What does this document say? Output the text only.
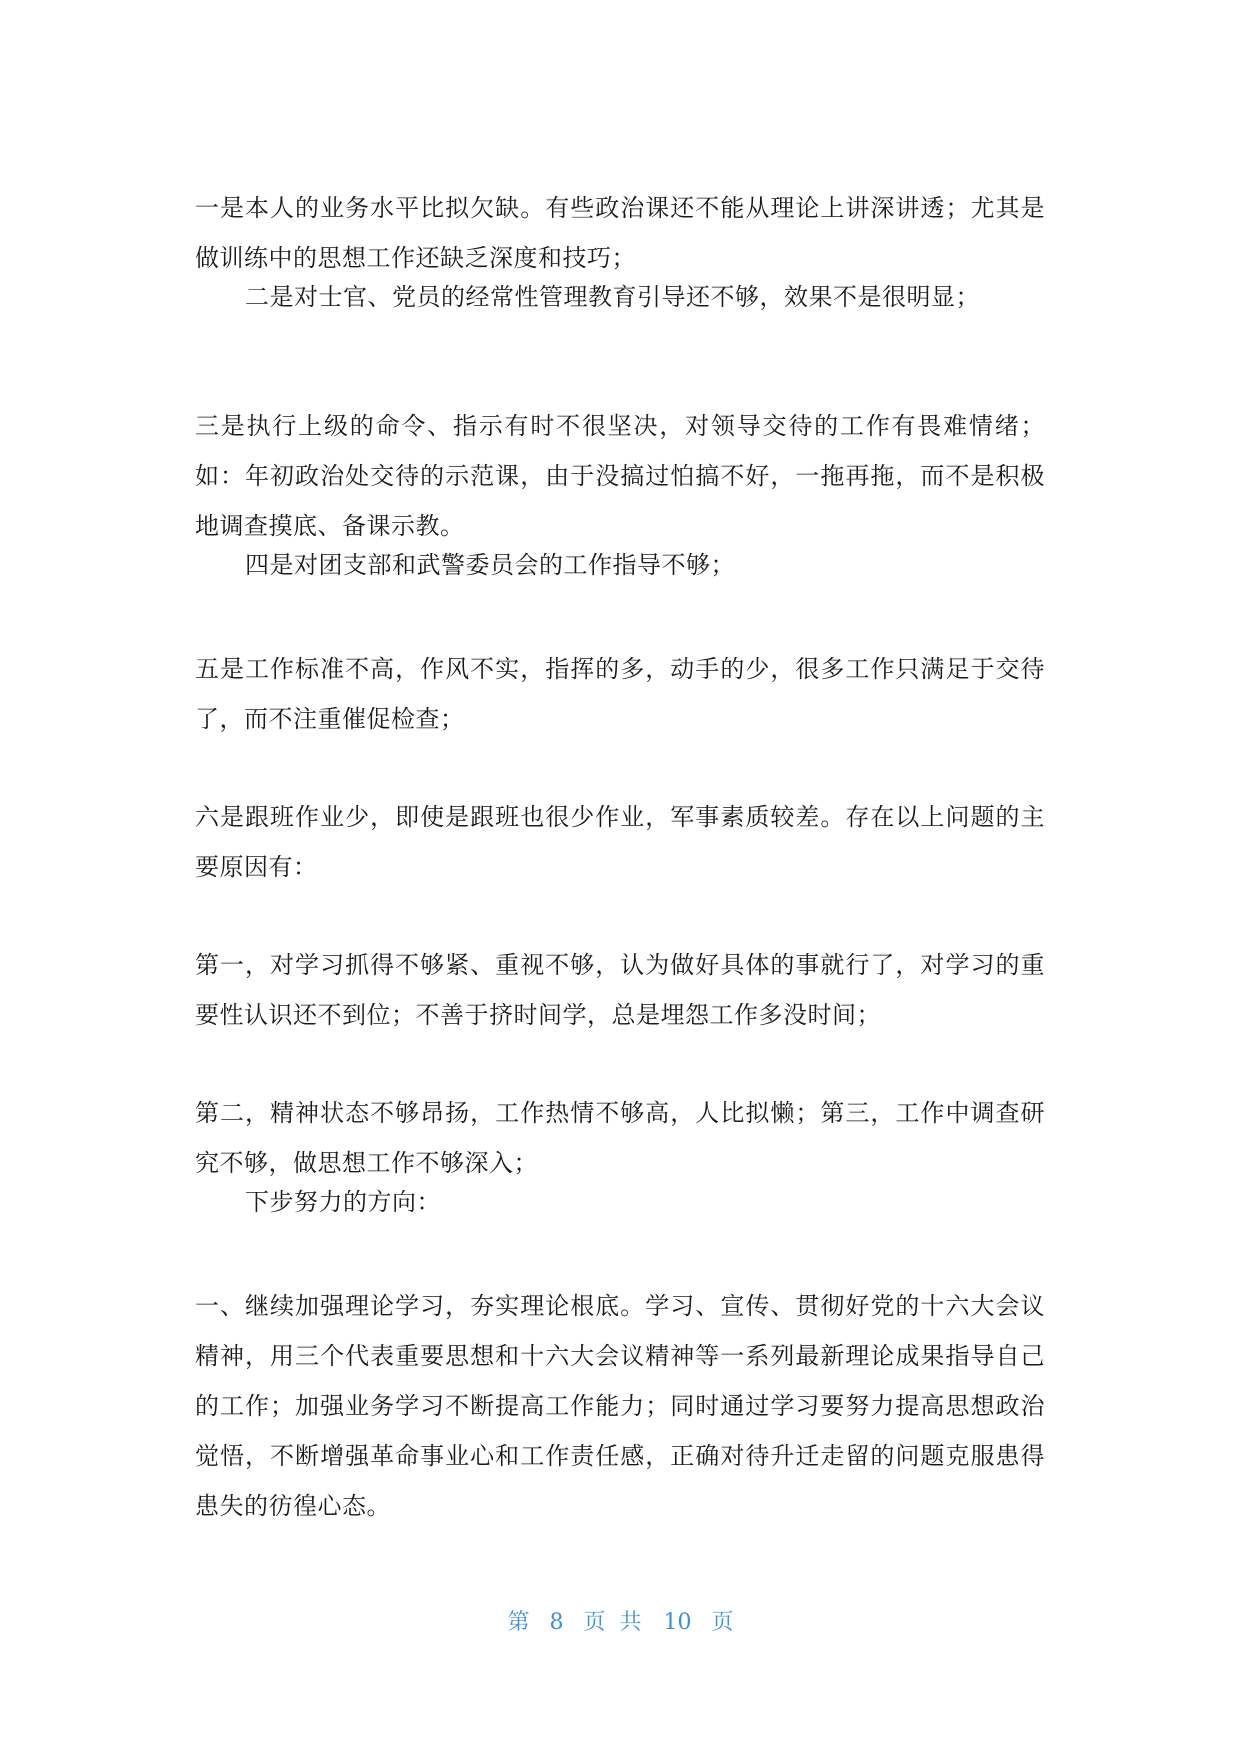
一是本人的业务水平比拟欠缺。有些政治课还不能从理论上讲深讲透；尤其是做训练中的思想工作还缺乏深度和技巧；

二是对士官、党员的经常性管理教育引导还不够，效果不是很明显；

三是执行上级的命令、指示有时不很坚决，对领导交待的工作有畏难情绪；如：年初政治处交待的示范课，由于没搞过怕搞不好，一拖再拖，而不是积极地调查摸底、备课示教。

四是对团支部和武警委员会的工作指导不够；

五是工作标准不高，作风不实，指挥的多，动手的少，很多工作只满足于交待了，而不注重催促检查；

六是跟班作业少，即使是跟班也很少作业，军事素质较差。存在以上问题的主要原因有：

第一，对学习抓得不够紧、重视不够，认为做好具体的事就行了，对学习的重要性认识还不到位；不善于挤时间学，总是埋怨工作多没时间；

第二，精神状态不够昂扬，工作热情不够高，人比拟懒；第三，工作中调查研究不够，做思想工作不够深入；

下步努力的方向：

一、继续加强理论学习，夯实理论根底。学习、宣传、贯彻好党的十六大会议精神，用三个代表重要思想和十六大会议精神等一系列最新理论成果指导自己的工作；加强业务学习不断提高工作能力；同时通过学习要努力提高思想政治觉悟，不断增强革命事业心和工作责任感，正确对待升迁走留的问题克服患得患失的彷徨心态。

第 8 页共 10 页
